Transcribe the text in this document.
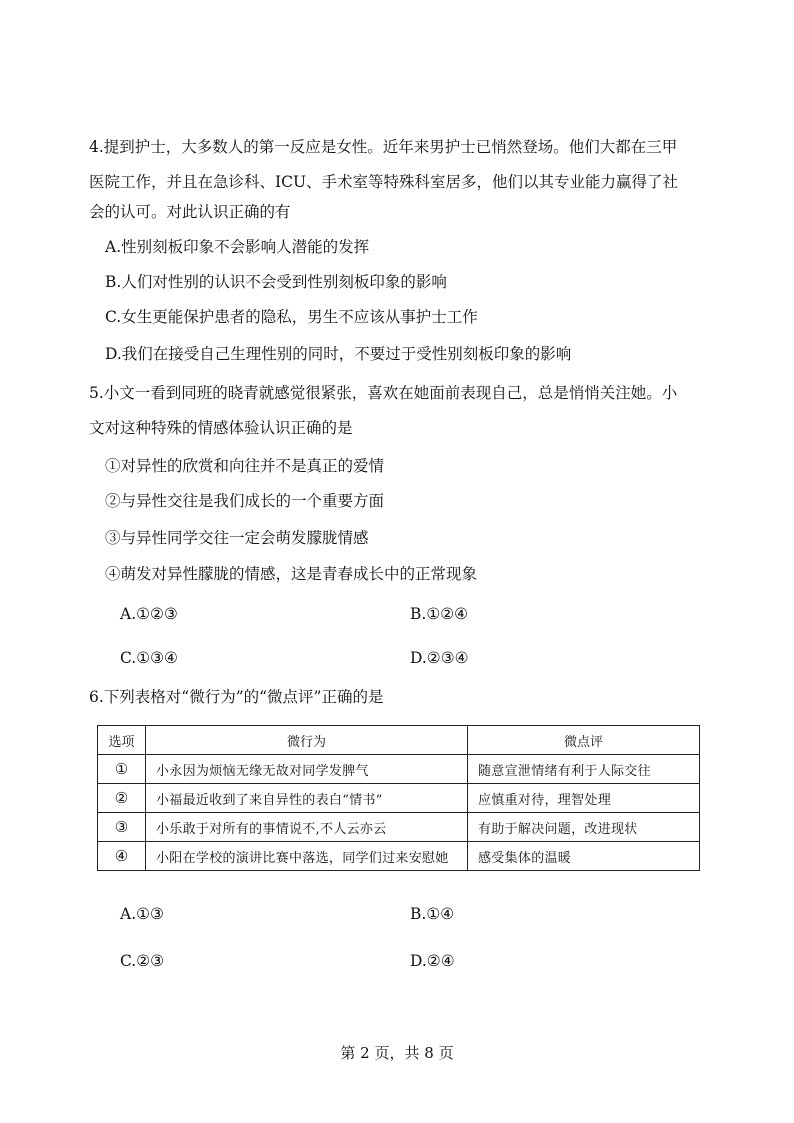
4.提到护士，大多数人的第一反应是女性。近年来男护士已悄然登场。他们大都在三甲
医院工作，并且在急诊科、ICU、手术室等特殊科室居多，他们以其专业能力赢得了社
会的认可。对此认识正确的有
A.性别刻板印象不会影响人潜能的发挥
B.人们对性别的认识不会受到性别刻板印象的影响
C.女生更能保护患者的隐私，男生不应该从事护士工作
D.我们在接受自己生理性别的同时，不要过于受性别刻板印象的影响
5.小文一看到同班的晓青就感觉很紧张，喜欢在她面前表现自己，总是悄悄关注她。小
文对这种特殊的情感体验认识正确的是
①对异性的欣赏和向往并不是真正的爱情
②与异性交往是我们成长的一个重要方面
③与异性同学交往一定会萌发朦胧情感
④萌发对异性朦胧的情感，这是青春成长中的正常现象
A.①②③	B.①②④
C.①③④	D.②③④
6.下列表格对“微行为”的“微点评”正确的是
选项	微行为	微点评
①	小永因为烦恼无缘无故对同学发脾气	随意宣泄情绪有利于人际交往
②	小福最近收到了来自异性的表白“情书”	应慎重对待，理智处理
③	小乐敢于对所有的事情说不,不人云亦云	有助于解决问题，改进现状
④	小阳在学校的演讲比赛中落选，同学们过来安慰她	感受集体的温暖
A.①③	B.①④
C.②③	D.②④
第 2 页，共 8 页
